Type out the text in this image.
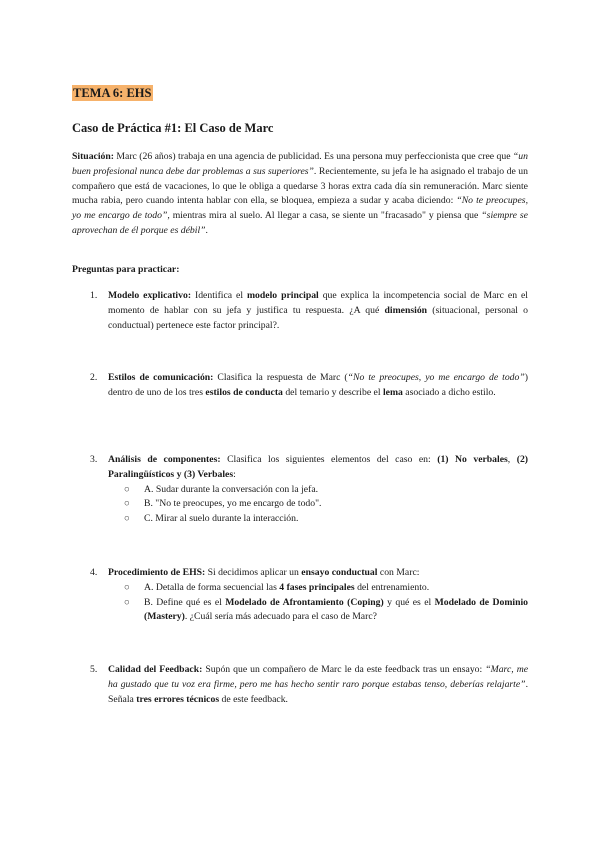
TEMA 6: EHS
Caso de Práctica #1: El Caso de Marc
Situación: Marc (26 años) trabaja en una agencia de publicidad. Es una persona muy perfeccionista que cree que “un buen profesional nunca debe dar problemas a sus superiores”. Recientemente, su jefa le ha asignado el trabajo de un compañero que está de vacaciones, lo que le obliga a quedarse 3 horas extra cada día sin remuneración. Marc siente mucha rabia, pero cuando intenta hablar con ella, se bloquea, empieza a sudar y acaba diciendo: “No te preocupes, yo me encargo de todo”, mientras mira al suelo. Al llegar a casa, se siente un "fracasado" y piensa que “siempre se aprovechan de él porque es débil”.
Preguntas para practicar:
1.	Modelo explicativo: Identifica el modelo principal que explica la incompetencia social de Marc en el momento de hablar con su jefa y justifica tu respuesta. ¿A qué dimensión (situacional, personal o conductual) pertenece este factor principal?.
2.	Estilos de comunicación: Clasifica la respuesta de Marc (“No te preocupes, yo me encargo de todo”) dentro de uno de los tres estilos de conducta del temario y describe el lema asociado a dicho estilo.
3.	Análisis de componentes: Clasifica los siguientes elementos del caso en: (1) No verbales, (2) Paralingüísticos y (3) Verbales:
○ A. Sudar durante la conversación con la jefa.
○ B. "No te preocupes, yo me encargo de todo".
○ C. Mirar al suelo durante la interacción.
4.	Procedimiento de EHS: Si decidimos aplicar un ensayo conductual con Marc:
○ A. Detalla de forma secuencial las 4 fases principales del entrenamiento.
○ B. Define qué es el Modelado de Afrontamiento (Coping) y qué es el Modelado de Dominio (Mastery). ¿Cuál sería más adecuado para el caso de Marc?
5.	Calidad del Feedback: Supón que un compañero de Marc le da este feedback tras un ensayo: “Marc, me ha gustado que tu voz era firme, pero me has hecho sentir raro porque estabas tenso, deberías relajarte”. Señala tres errores técnicos de este feedback.
